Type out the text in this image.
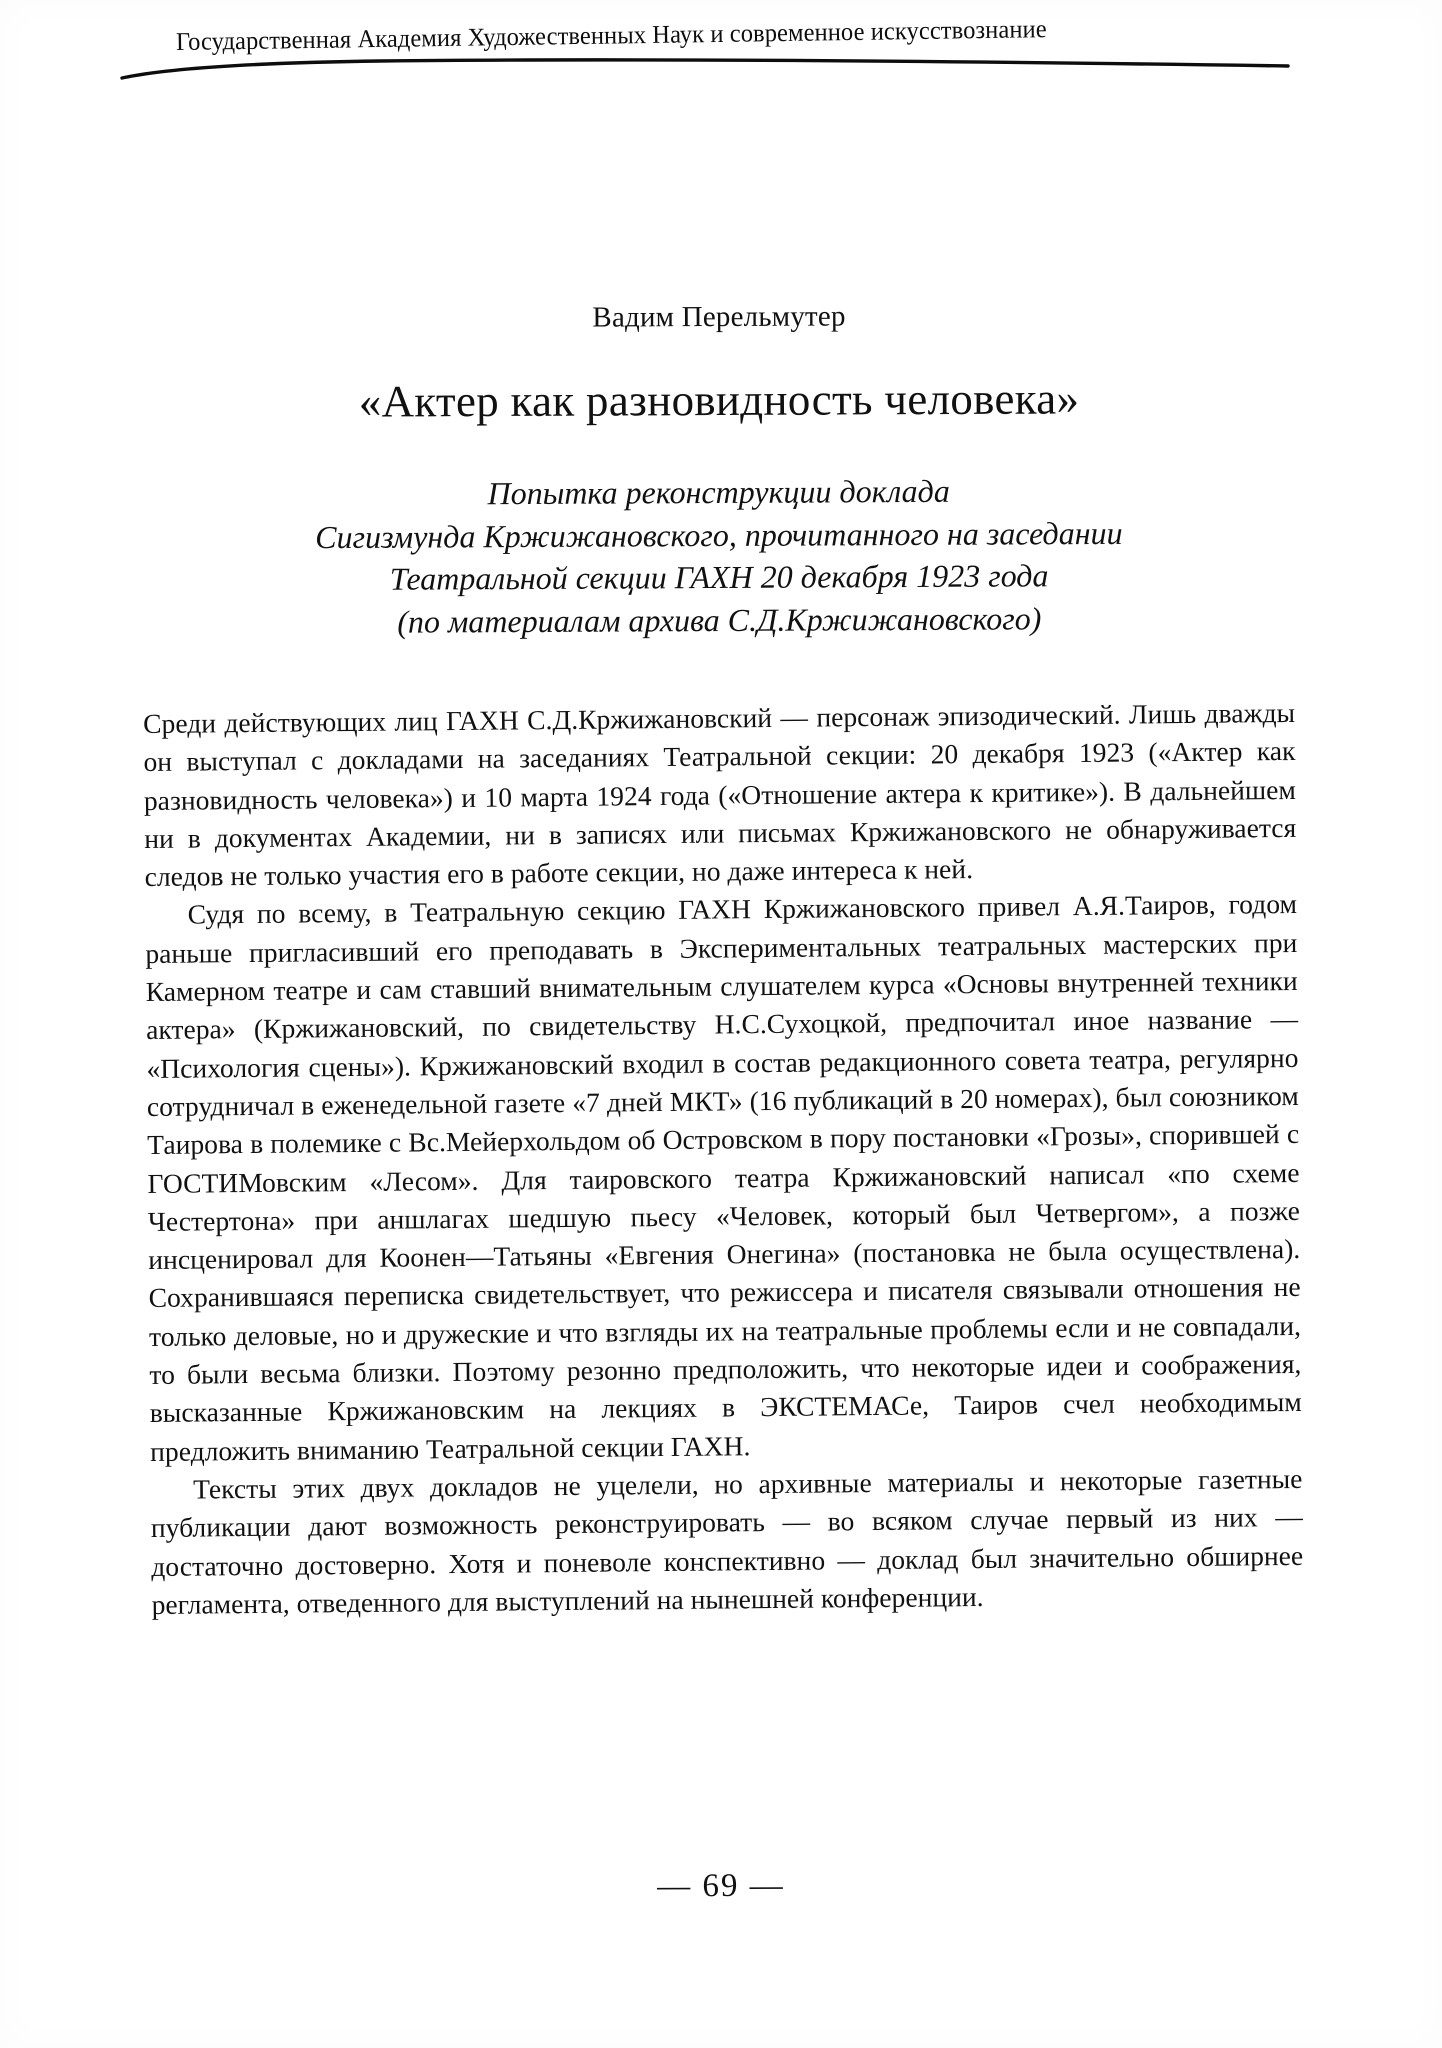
Государственная Академия Художественных Наук и современное искусствознание
Вадим Перельмутер
«Актер как разновидность человека»
Попытка реконструкции доклада
Сигизмунда Кржижановского, прочитанного на заседании
Театральной секции ГАХН 20 декабря 1923 года
(по материалам архива С.Д.Кржижановского)

Среди действующих лиц ГАХН С.Д.Кржижановский — персонаж эпизодический. Лишь дважды он выступал с докладами на заседаниях Театральной секции: 20 декабря 1923 («Актер как разновидность человека») и 10 марта 1924 года («Отношение актера к критике»). В дальнейшем ни в документах Академии, ни в записях или письмах Кржижановского не обнаруживается следов не только участия его в работе секции, но даже интереса к ней.

Судя по всему, в Театральную секцию ГАХН Кржижановского привел А.Я.Таиров, годом раньше пригласивший его преподавать в Экспериментальных театральных мастерских при Камерном театре и сам ставший внимательным слушателем курса «Основы внутренней техники актера» (Кржижановский, по свидетельству Н.С.Сухоцкой, предпочитал иное название — «Психология сцены»). Кржижановский входил в состав редакционного совета театра, регулярно сотрудничал в еженедельной газете «7 дней МКТ» (16 публикаций в 20 номерах), был союзником Таирова в полемике с Вс.Мейерхольдом об Островском в пору постановки «Грозы», спорившей с ГОСТИМовским «Лесом». Для таировского театра Кржижановский написал «по схеме Честертона» при аншлагах шедшую пьесу «Человек, который был Четвергом», а позже инсценировал для Коонен—Татьяны «Евгения Онегина» (постановка не была осуществлена). Сохранившаяся переписка свидетельствует, что режиссера и писателя связывали отношения не только деловые, но и дружеские и что взгляды их на театральные проблемы если и не совпадали, то были весьма близки. Поэтому резонно предположить, что некоторые идеи и соображения, высказанные Кржижановским на лекциях в ЭКСТЕМАСе, Таиров счел необходимым предложить вниманию Театральной секции ГАХН.

Тексты этих двух докладов не уцелели, но архивные материалы и некоторые газетные публикации дают возможность реконструировать — во всяком случае первый из них — достаточно достоверно. Хотя и поневоле конспективно — доклад был значительно обширнее регламента, отведенного для выступлений на нынешней конференции.

— 69 —
